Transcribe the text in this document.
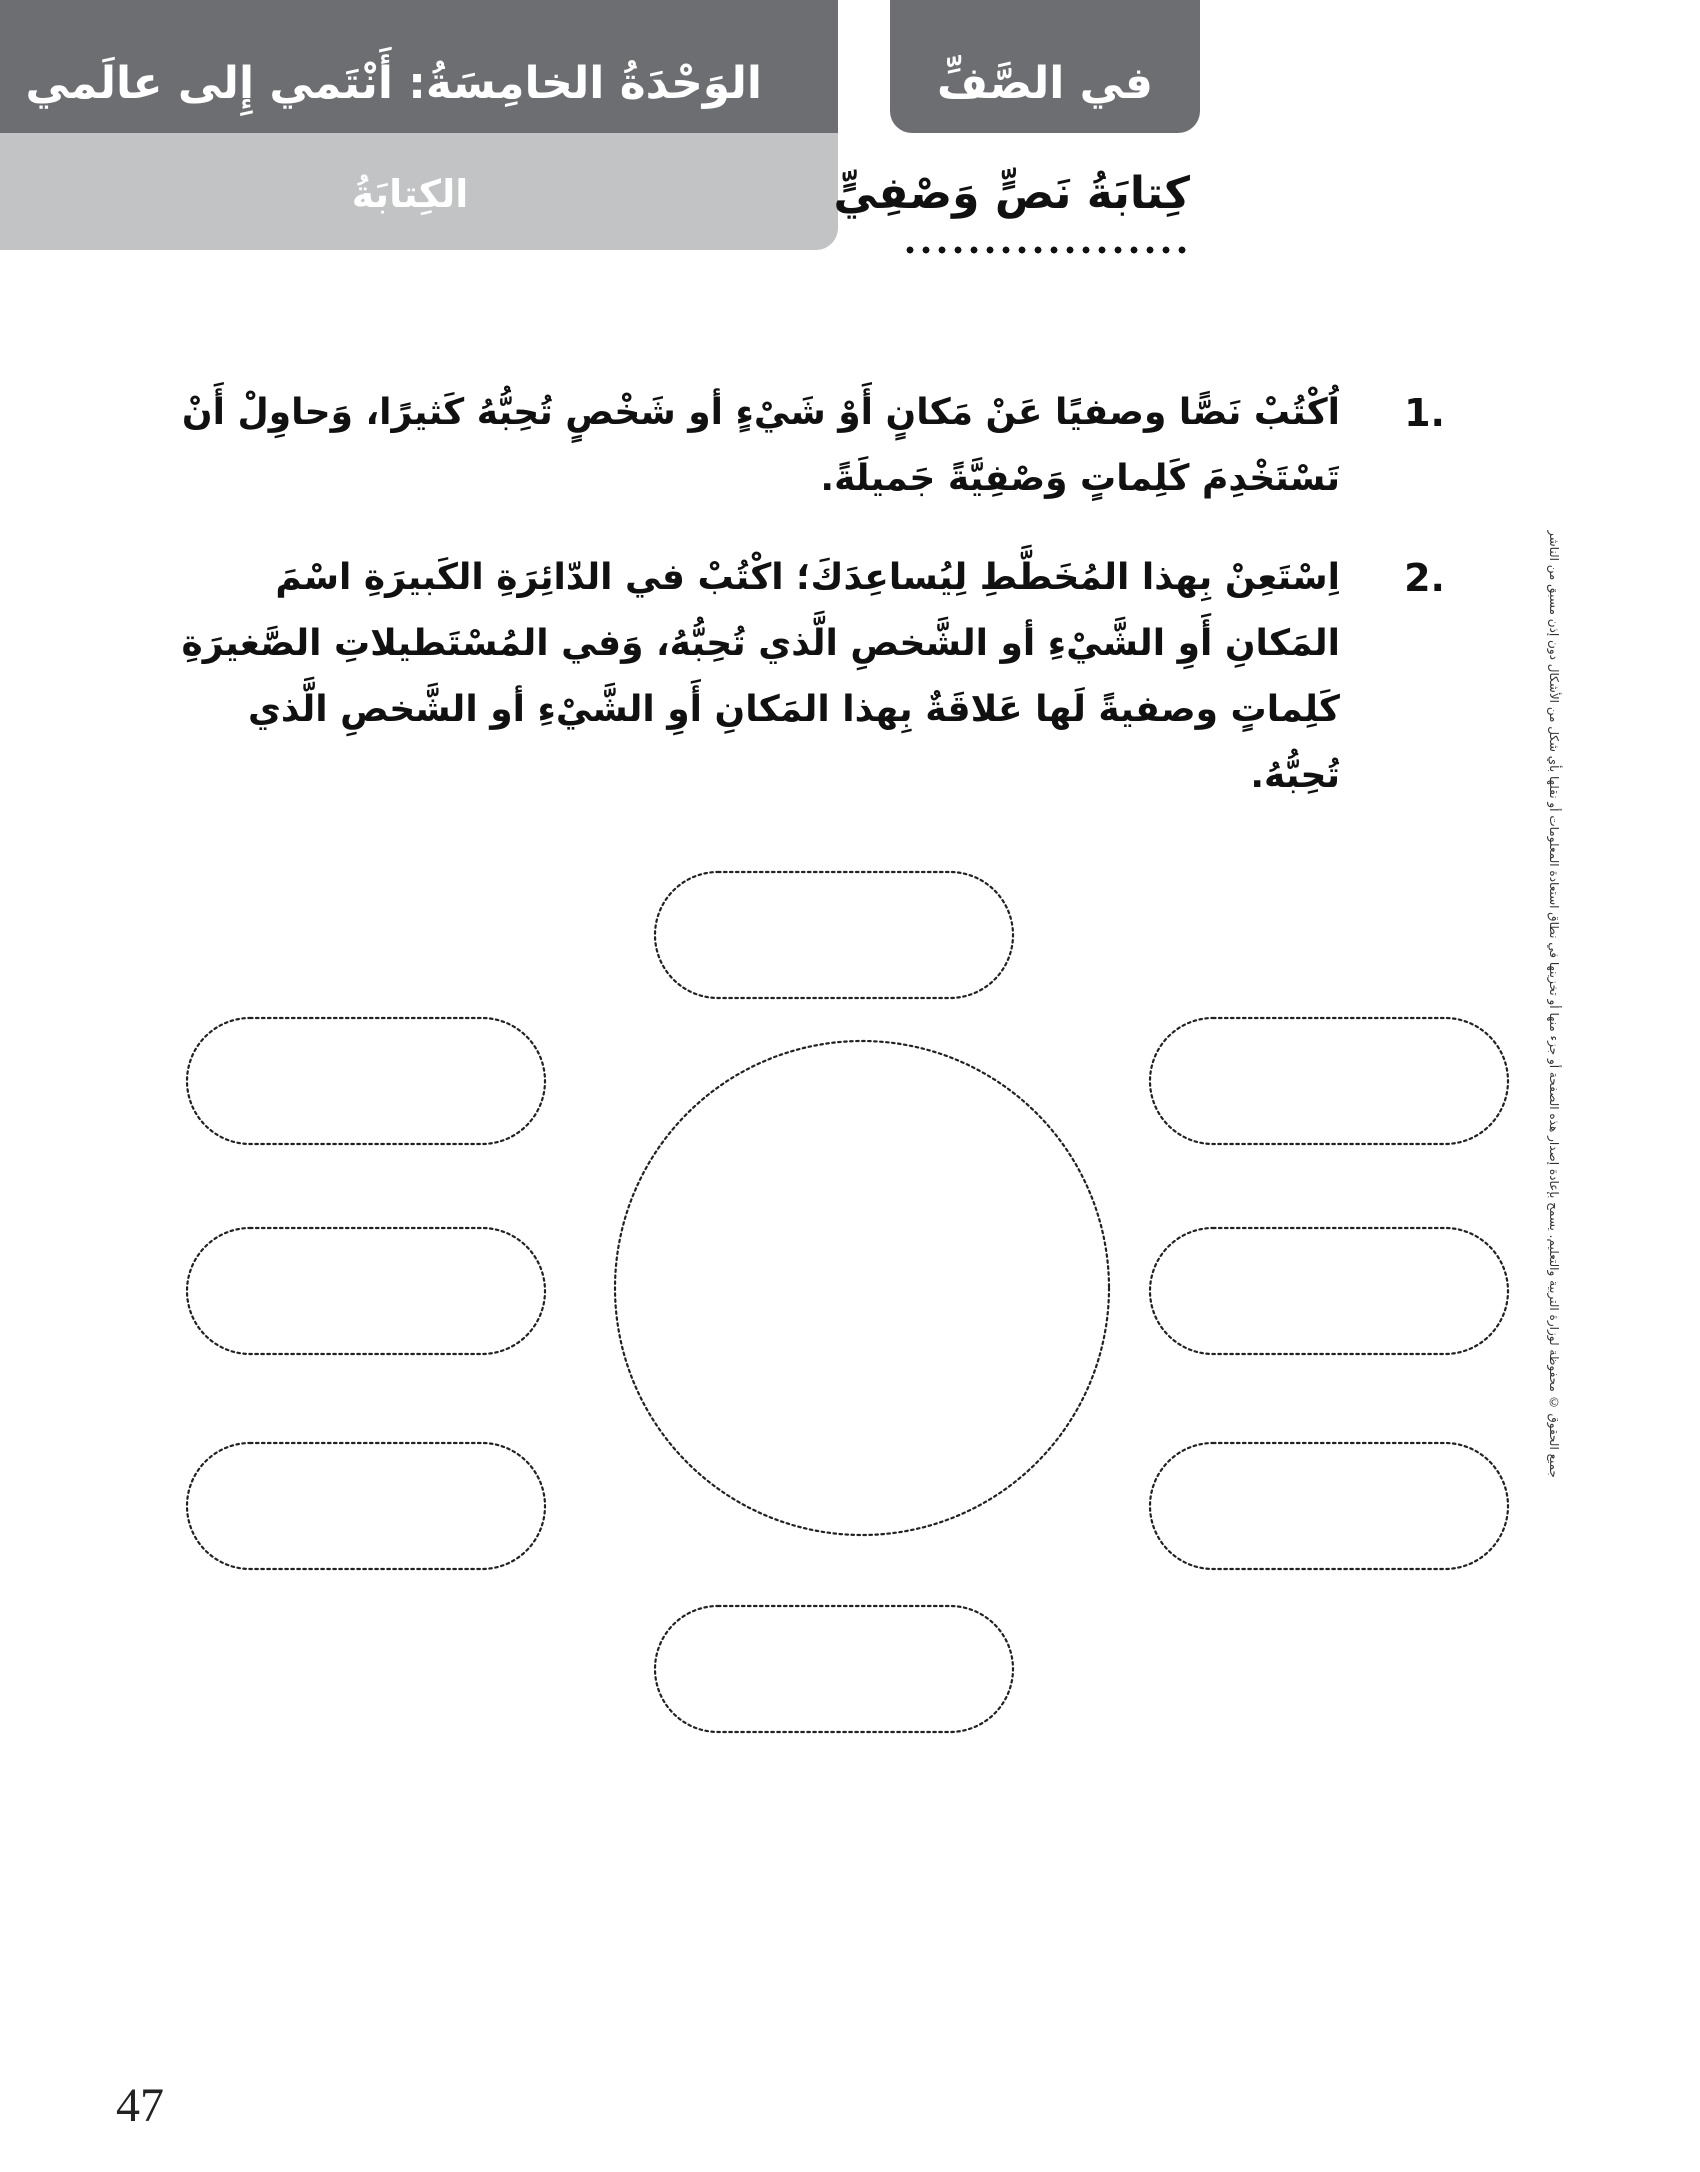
الوَحْدَةُ الخامِسَةُ: أَنْتَمي إِلى عالَمي
الكِتابَةُ
في الصَّفِّ
كِتابَةُ نَصٍّ وَصْفِيٍّ
1.
اُكْتُبْ نَصًّا وصفيًا عَنْ مَكانٍ أَوْ شَيْءٍ أو شَخْصٍ تُحِبُّهُ كَثيرًا، وَحاوِلْ أَنْ تَسْتَخْدِمَ كَلِماتٍ وَصْفِيَّةً جَميلَةً.
2.
اِسْتَعِنْ بِهذا المُخَطَّطِ لِيُساعِدَكَ؛ اكْتُبْ في الدّائِرَةِ الكَبيرَةِ اسْمَ المَكانِ أَوِ الشَّيْءِ أو الشَّخصِ الَّذي تُحِبُّهُ، وَفي المُسْتَطيلاتِ الصَّغيرَةِ كَلِماتٍ وصفيةً لَها عَلاقَةٌ بِهذا المَكانِ أَوِ الشَّيْءِ أو الشَّخصِ الَّذي تُحِبُّهُ.	جميع الحقوق © محفوظة لوزارة التربية والتعليم. يسمح بإعادة إصدار هذه الصفحة أو جزء منها أو تخزينها في نطاق استعادة المعلومات أو نقلها بأي شكل من الأشكال دون إذن مسبق من الناشر
47
